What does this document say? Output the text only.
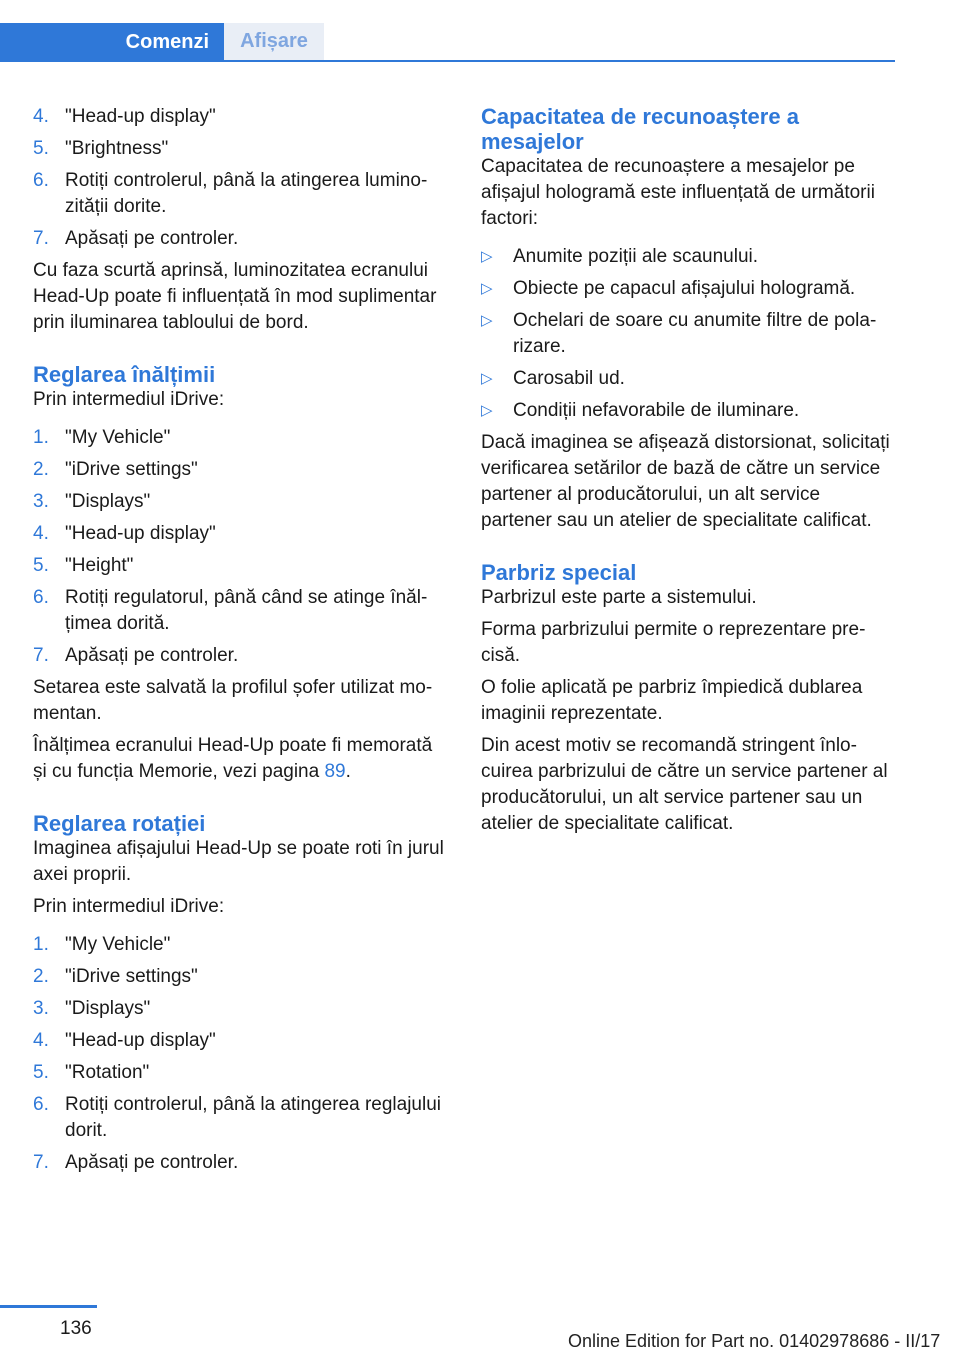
Comenzi	Afișare
4. "Head-up display"
5. "Brightness"
6. Rotiți controlerul, până la atingerea luminozității dorite.
7. Apăsați pe controler.

Cu faza scurtă aprinsă, luminozitatea ecranului Head-Up poate fi influențată în mod suplimentar prin iluminarea tabloului de bord.

Reglarea înălțimii

Prin intermediul iDrive:

1. "My Vehicle"
2. "iDrive settings"
3. "Displays"
4. "Head-up display"
5. "Height"
6. Rotiți regulatorul, până când se atinge înălțimea dorită.
7. Apăsați pe controler.

Setarea este salvată la profilul șofer utilizat momentan.

Înălțimea ecranului Head-Up poate fi memorată și cu funcția Memorie, vezi pagina 89.

Reglarea rotației

Imaginea afișajului Head-Up se poate roti în jurul axei proprii.

Prin intermediul iDrive:

1. "My Vehicle"
2. "iDrive settings"
3. "Displays"
4. "Head-up display"
5. "Rotation"
6. Rotiți controlerul, până la atingerea reglajului dorit.
7. Apăsați pe controler.
Capacitatea de recunoaștere a mesajelor

Capacitatea de recunoaștere a mesajelor pe afișajul hologramă este influențată de următorii factori:

▷	Anumite poziții ale scaunului.
▷	Obiecte pe capacul afișajului hologramă.
▷	Ochelari de soare cu anumite filtre de polarizare.
▷	Carosabil ud.
▷	Condiții nefavorabile de iluminare.

Dacă imaginea se afișează distorsionat, solicitați verificarea setărilor de bază de către un service partener al producătorului, un alt service partener sau un atelier de specialitate calificat.

Parbriz special

Parbrizul este parte a sistemului.

Forma parbrizului permite o reprezentare precisă.

O folie aplicată pe parbriz împiedică dublarea imaginii reprezentate.

Din acest motiv se recomandă stringent înlocuirea parbrizului de către un service partener al producătorului, un alt service partener sau un atelier de specialitate calificat.

136
Online Edition for Part no. 01402978686 - II/17
